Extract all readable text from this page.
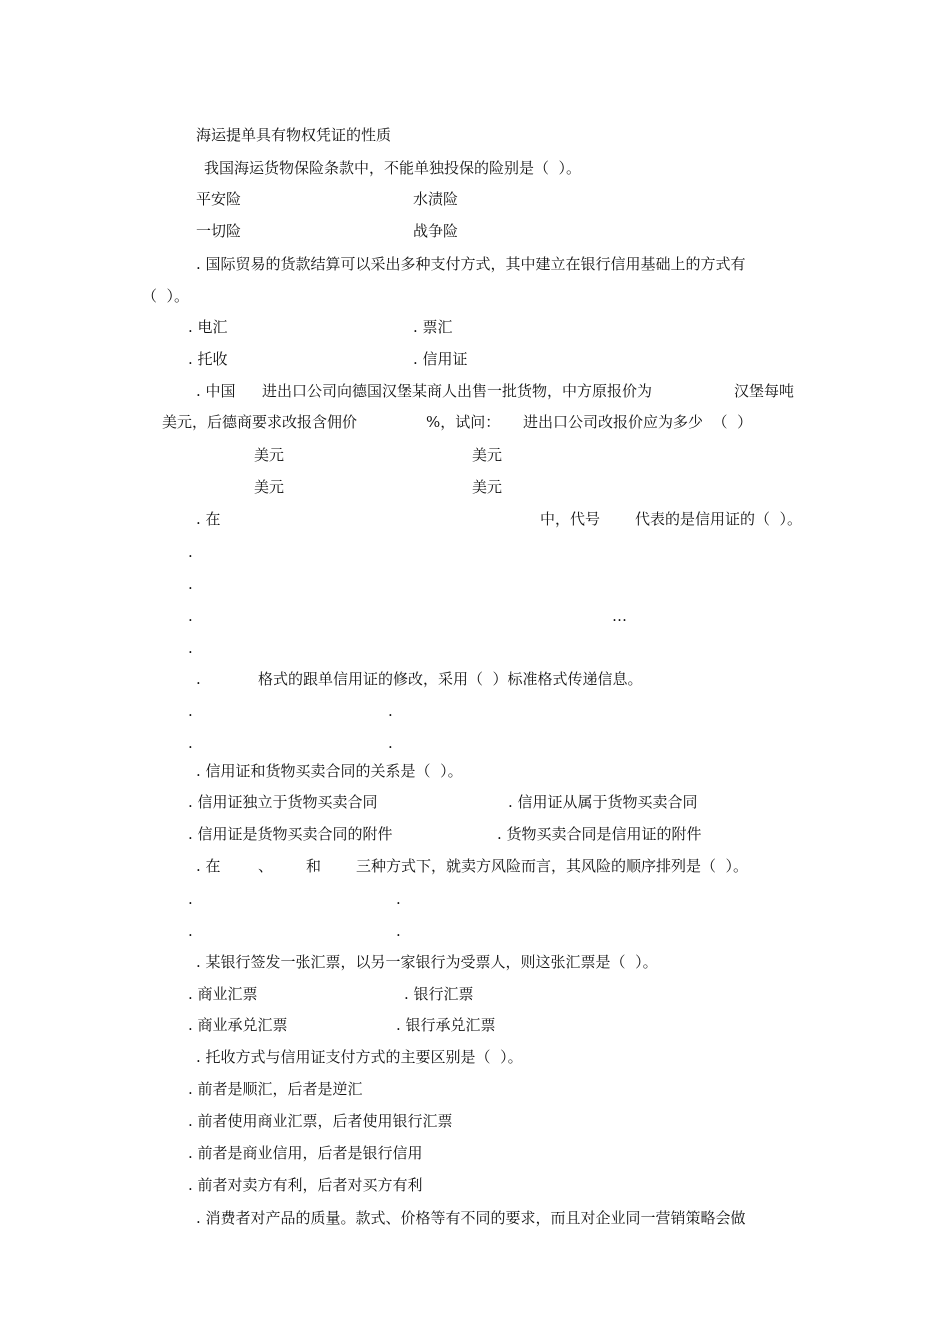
海运提单具有物权凭证的性质
我国海运货物保险条款中，不能单独投保的险别是（  ）。
平安险	水渍险
一切险	战争险
. 国际贸易的货款结算可以采出多种支付方式，其中建立在银行信用基础上的方式有
（  ）。
. 电汇	. 票汇
. 托收	. 信用证
. 中国 进出口公司向德国汉堡某商人出售一批货物，中方原报价为	汉堡每吨
美元，后德商要求改报含佣价	%，试问： 进出口公司改报价应为多少  （  ）
美元	美元
美元	美元
. 在	中，代号 代表的是信用证的（  ）。
.
.
.	…
.
.	格式的跟单信用证的修改，采用（  ）标准格式传递信息。
.	.
.	.
. 信用证和货物买卖合同的关系是（  ）。
. 信用证独立于货物买卖合同	. 信用证从属于货物买卖合同
. 信用证是货物买卖合同的附件	. 货物买卖合同是信用证的附件
. 在 、 和 三种方式下，就卖方风险而言，其风险的顺序排列是（  ）。
.	.
.	.
. 某银行签发一张汇票，以另一家银行为受票人，则这张汇票是（  ）。
. 商业汇票	. 银行汇票
. 商业承兑汇票	. 银行承兑汇票
. 托收方式与信用证支付方式的主要区别是（  ）。
. 前者是顺汇，后者是逆汇
. 前者使用商业汇票，后者使用银行汇票
. 前者是商业信用，后者是银行信用
. 前者对卖方有利，后者对买方有利
. 消费者对产品的质量。款式、价格等有不同的要求，而且对企业同一营销策略会做
